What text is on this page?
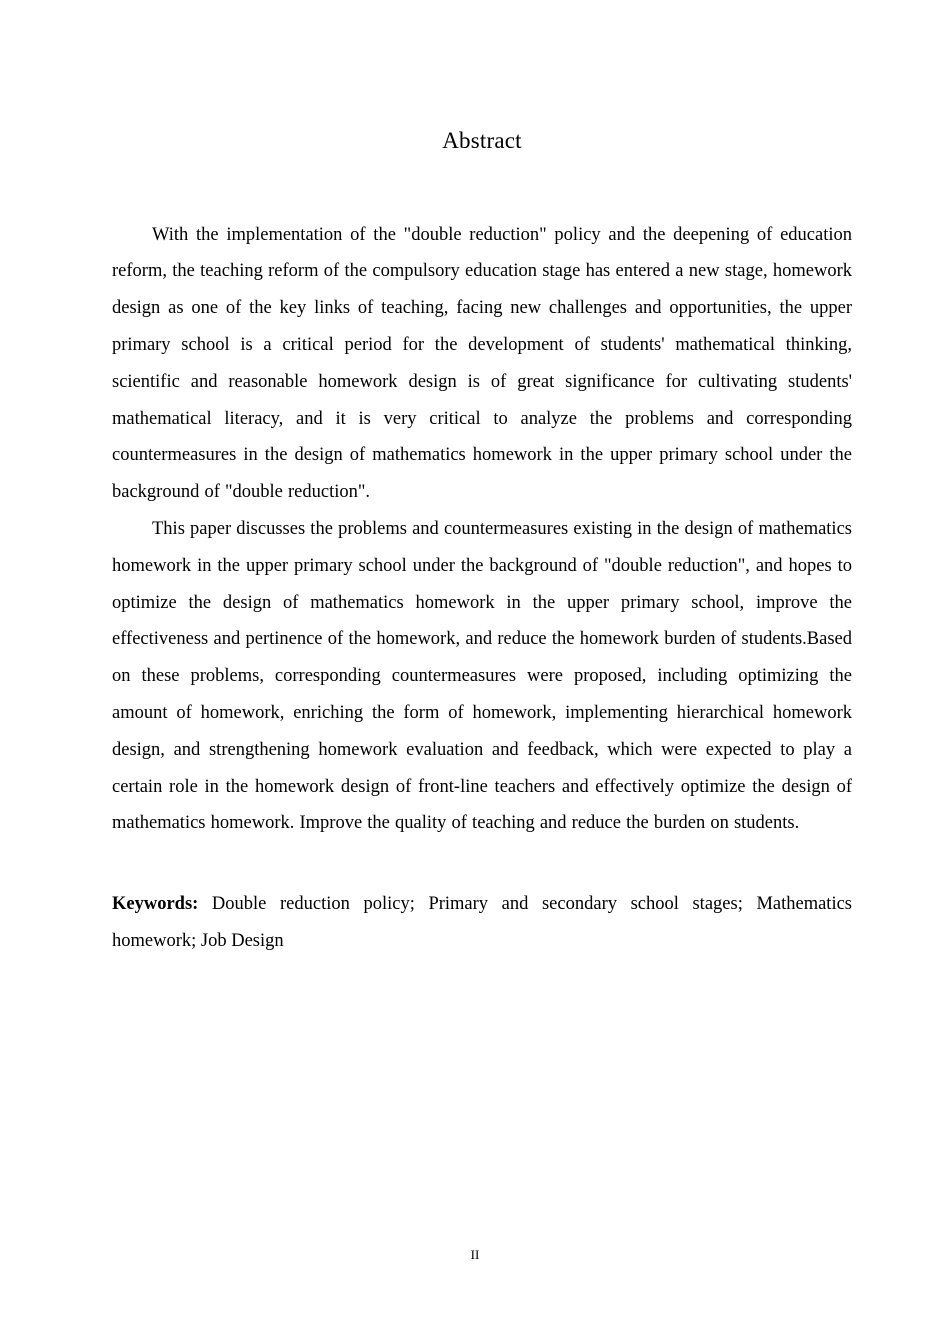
Abstract

With the implementation of the "double reduction" policy and the deepening of education reform, the teaching reform of the compulsory education stage has entered a new stage, homework design as one of the key links of teaching, facing new challenges and opportunities, the upper primary school is a critical period for the development of students' mathematical thinking, scientific and reasonable homework design is of great significance for cultivating students' mathematical literacy, and it is very critical to analyze the problems and corresponding countermeasures in the design of mathematics homework in the upper primary school under the background of "double reduction".

This paper discusses the problems and countermeasures existing in the design of mathematics homework in the upper primary school under the background of "double reduction", and hopes to optimize the design of mathematics homework in the upper primary school, improve the effectiveness and pertinence of the homework, and reduce the homework burden of students.Based on these problems, corresponding countermeasures were proposed, including optimizing the amount of homework, enriching the form of homework, implementing hierarchical homework design, and strengthening homework evaluation and feedback, which were expected to play a certain role in the homework design of front-line teachers and effectively optimize the design of mathematics homework. Improve the quality of teaching and reduce the burden on students.

Keywords: Double reduction policy; Primary and secondary school stages; Mathematics homework; Job Design

II
